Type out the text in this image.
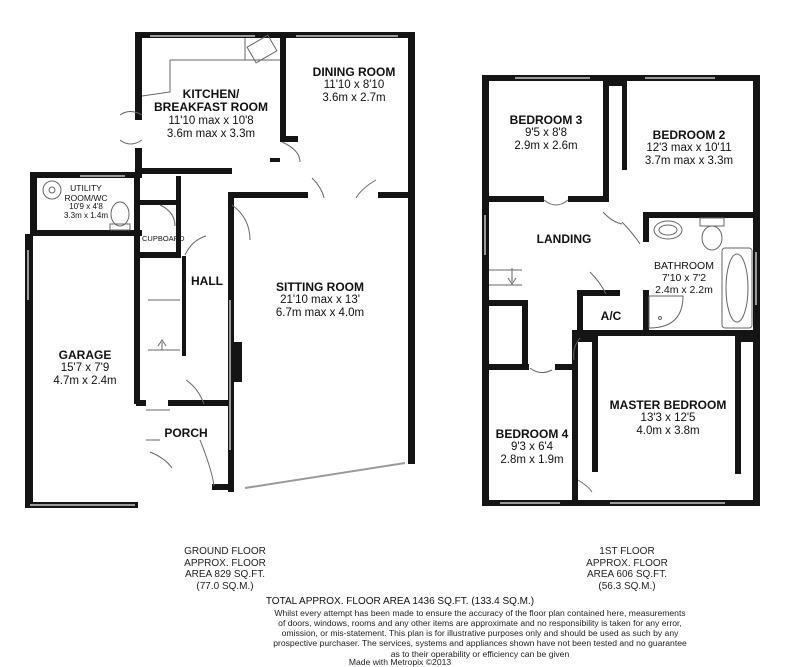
KITCHEN/
BREAKFAST ROOM
11'10 max x 10'8
3.6m max x 3.3m
DINING ROOM
11'10 x 8'10
3.6m x 2.7m
UTILITY
ROOM/WC
10'9 x 4'8
3.3m x 1.4m
CUPBOARD
HALL	SITTING ROOM
21'10 max x 13'
6.7m max x 4.0m
GARAGE
15'7 x 7'9
4.7m x 2.4m
PORCH
BEDROOM 3
9'5 x 8'8
2.9m x 2.6m
BEDROOM 2
12'3 max x 10'11
3.7m max x 3.3m
LANDING
BATHROOM
7'10 x 7'2
2.4m x 2.2m
A/C
MASTER BEDROOM
13'3 x 12'5
4.0m x 3.8m
BEDROOM 4
9'3 x 6'4
2.8m x 1.9m
GROUND FLOOR
APPROX. FLOOR
AREA 829 SQ.FT.
(77.0 SQ.M.)
1ST FLOOR
APPROX. FLOOR
AREA 606 SQ.FT.
(56.3 SQ.M.)
TOTAL APPROX. FLOOR AREA 1436 SQ.FT. (133.4 SQ.M.)
Whilst every attempt has been made to ensure the accuracy of the floor plan contained here, measurements of doors, windows, rooms and any other items are approximate and no responsibility is taken for any error, omission, or mis-statement. This plan is for illustrative purposes only and should be used as such by any prospective purchaser. The services, systems and appliances shown have not been tested and no guarantee as to their operability or efficiency can be given
Made with Metropix ©2013
